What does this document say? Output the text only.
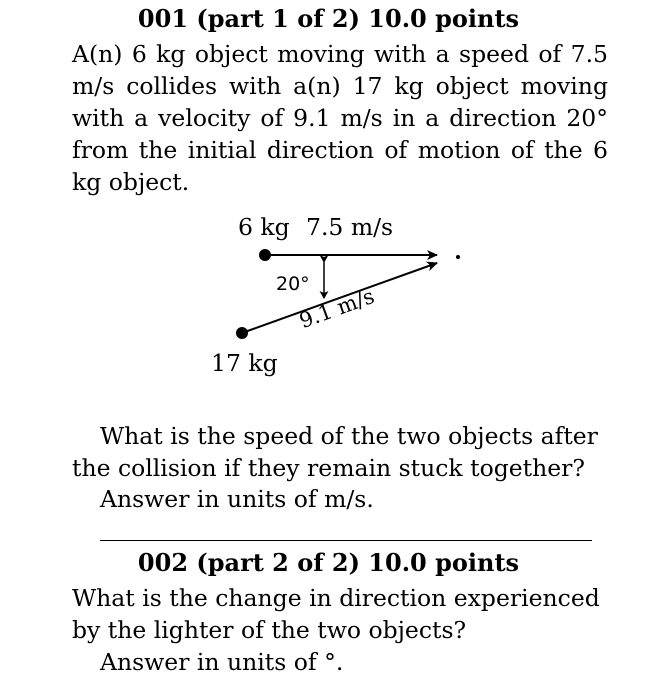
001 (part 1 of 2) 10.0 points

A(n) 6 kg object moving with a speed of 7.5 m/s collides with a(n) 17 kg object moving with a velocity of 9.1 m/s in a direction 20° from the initial direction of motion of the 6 kg object.

6 kg 7.5 m/s
20°
9.1 m/s
17 kg

What is the speed of the two objects after

the collision if they remain stuck together?

Answer in units of m/s.

002 (part 2 of 2) 10.0 points

What is the change in direction experienced

by the lighter of the two objects?

Answer in units of °.
